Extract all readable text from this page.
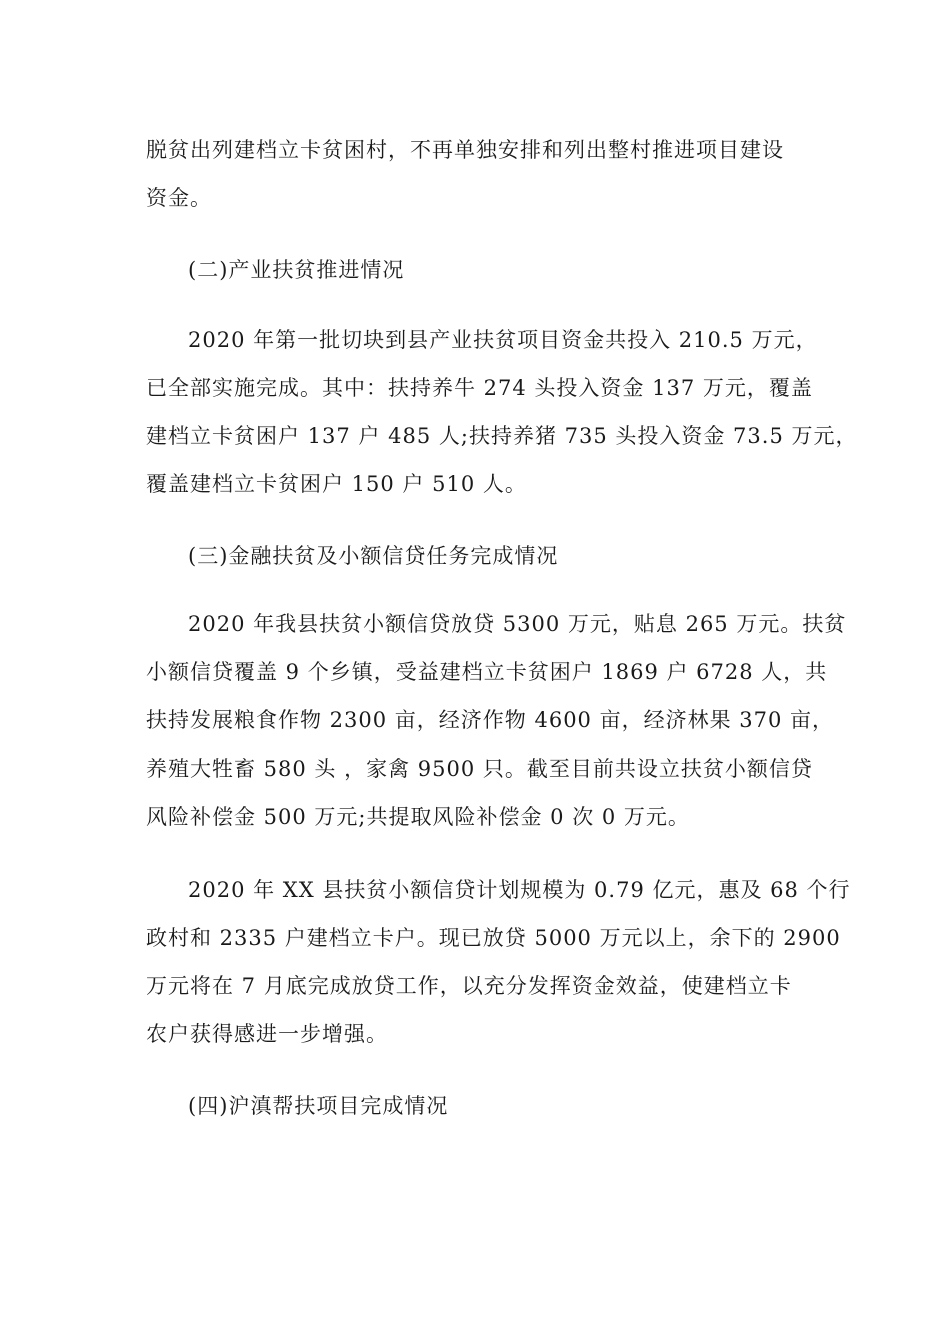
脱贫出列建档立卡贫困村，不再单独安排和列出整村推进项目建设
资金。
(二)产业扶贫推进情况
2020 年第一批切块到县产业扶贫项目资金共投入 210.5 万元，
已全部实施完成。其中：扶持养牛 274 头投入资金 137 万元，覆盖
建档立卡贫困户 137 户 485 人;扶持养猪 735 头投入资金 73.5 万元，
覆盖建档立卡贫困户 150 户 510 人。
(三)金融扶贫及小额信贷任务完成情况
2020 年我县扶贫小额信贷放贷 5300 万元，贴息 265 万元。扶贫
小额信贷覆盖 9 个乡镇，受益建档立卡贫困户 1869 户 6728 人，共
扶持发展粮食作物 2300 亩，经济作物 4600 亩，经济林果 370 亩，
养殖大牲畜 580 头 ，家禽 9500 只。截至目前共设立扶贫小额信贷
风险补偿金 500 万元;共提取风险补偿金 0 次 0 万元。
2020 年 XX 县扶贫小额信贷计划规模为 0.79 亿元，惠及 68 个行
政村和 2335 户建档立卡户。现已放贷 5000 万元以上，余下的 2900
万元将在 7 月底完成放贷工作，以充分发挥资金效益，使建档立卡
农户获得感进一步增强。
(四)沪滇帮扶项目完成情况
